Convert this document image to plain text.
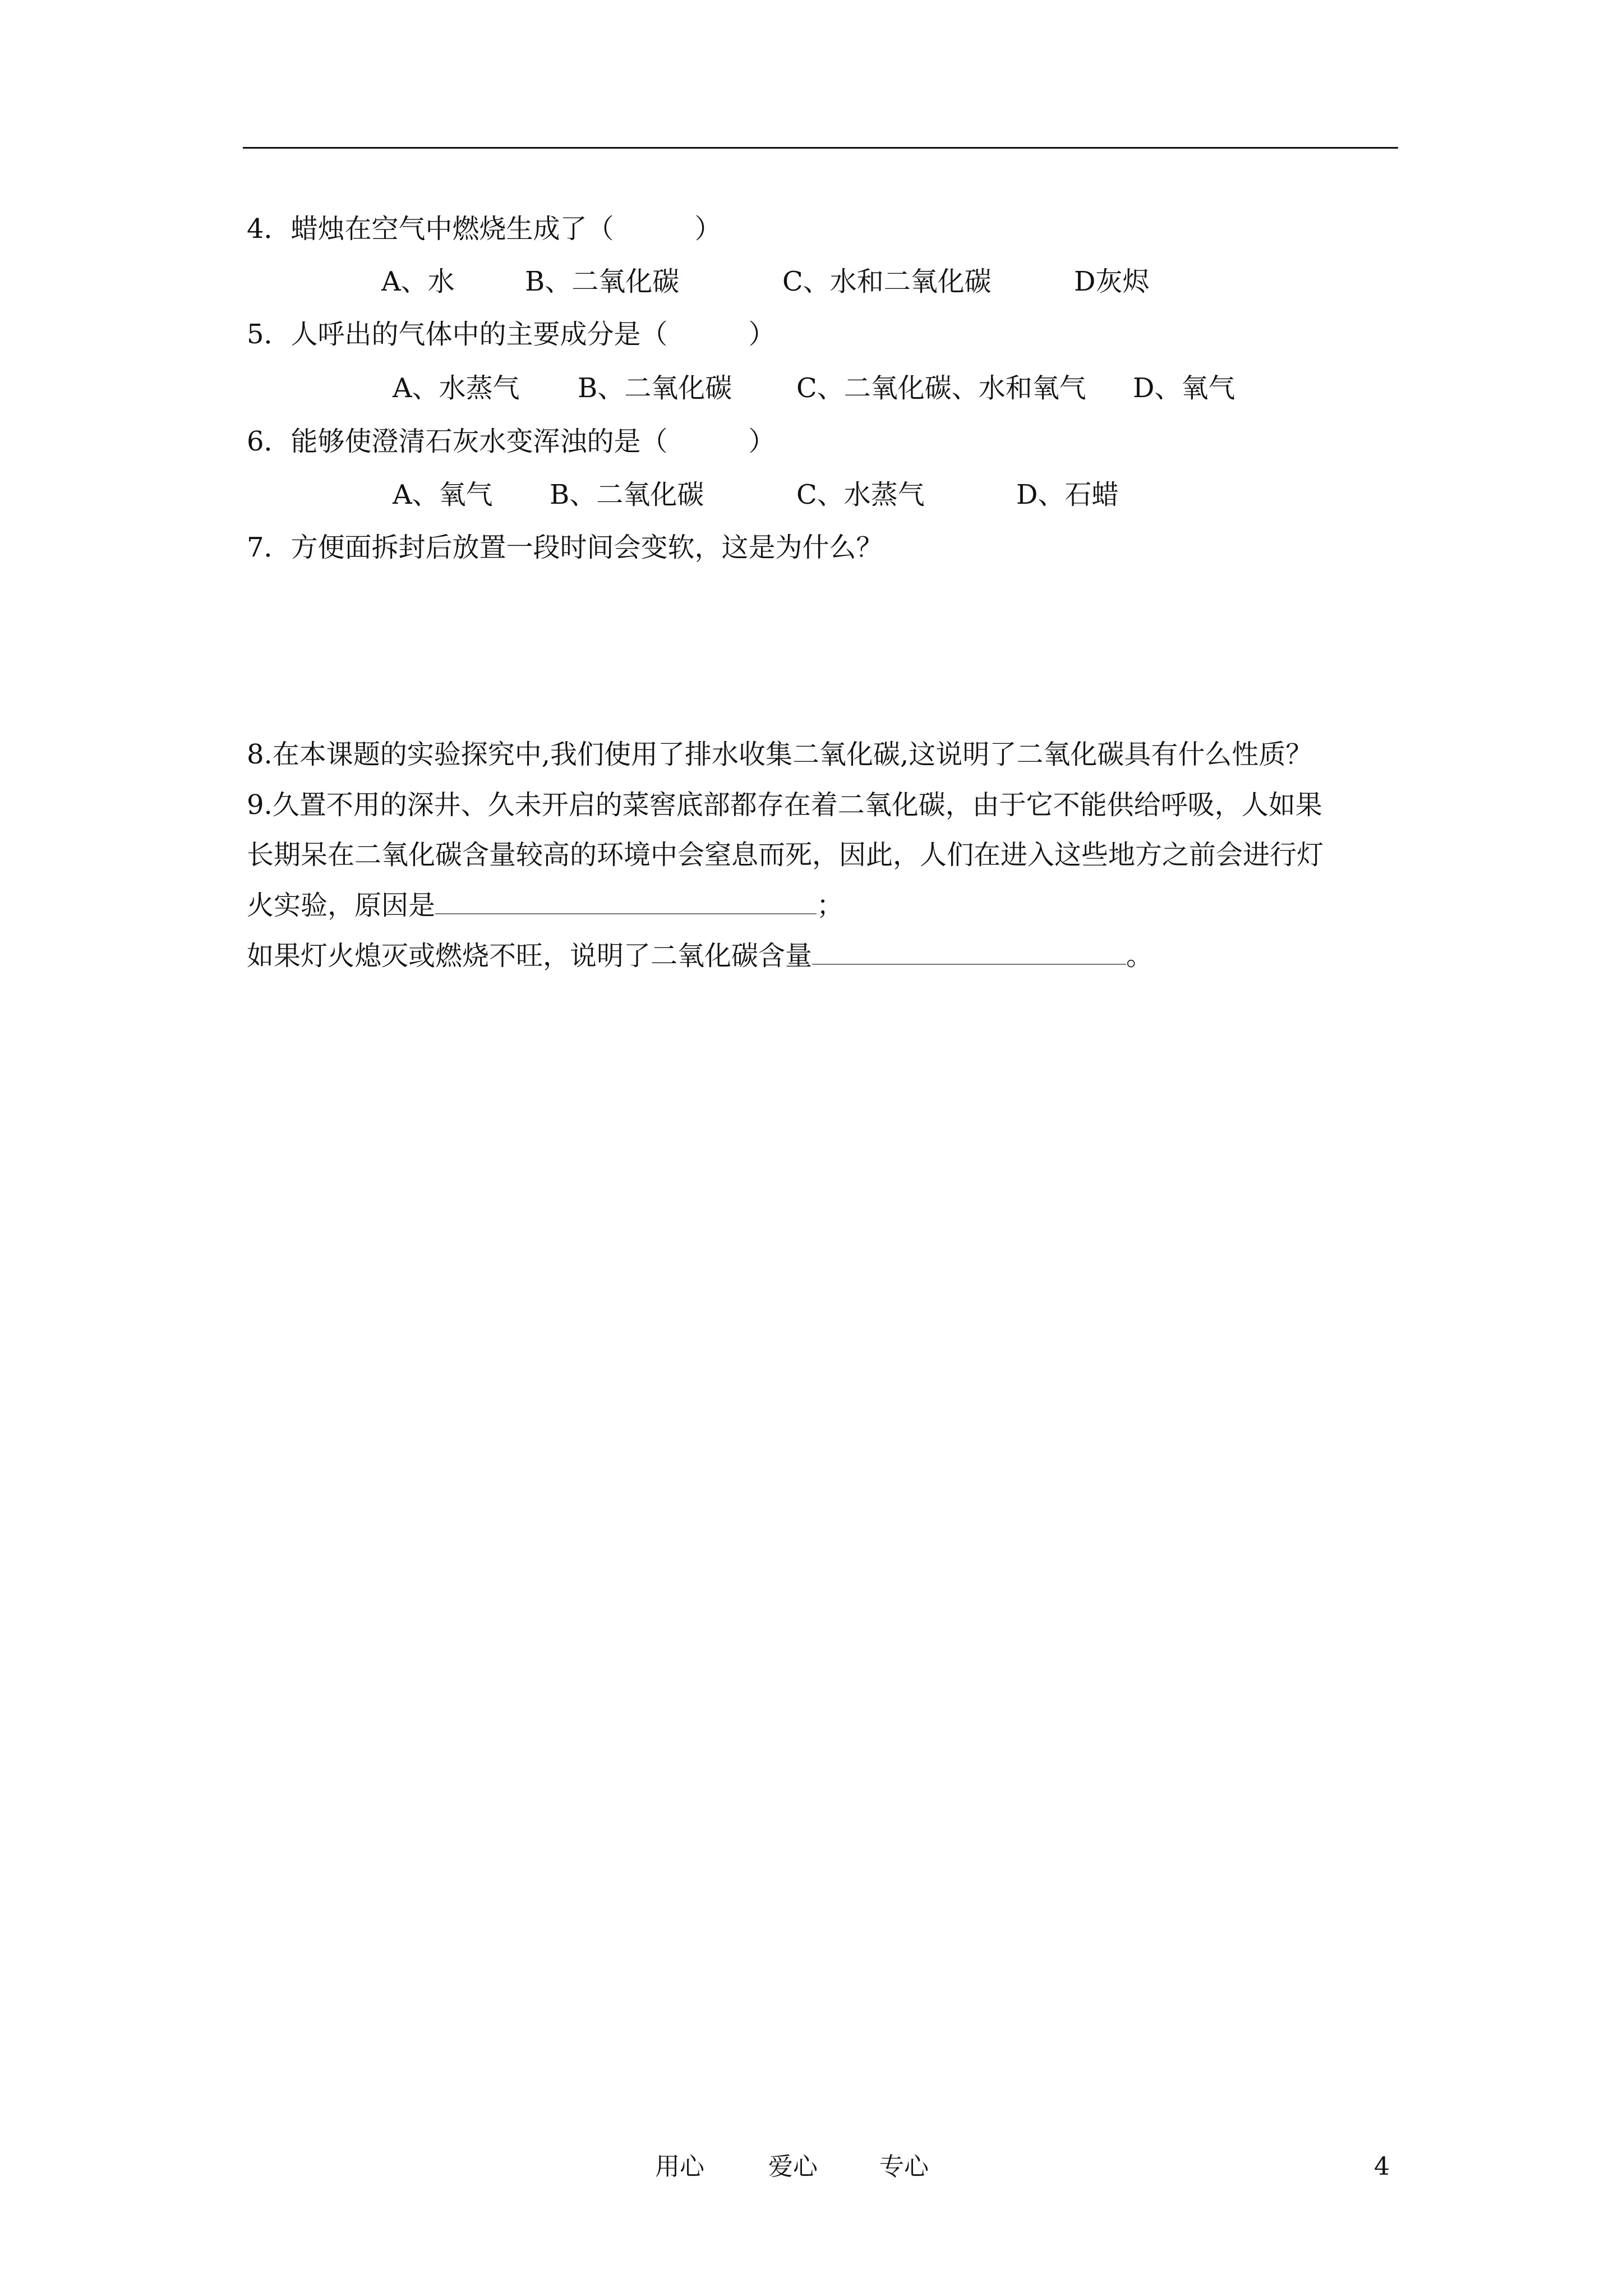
4．蜡烛在空气中燃烧生成了（　　　）
A、水	B、二氧化碳	C、水和二氧化碳	D灰烬
5．人呼出的气体中的主要成分是（　　　）
A、水蒸气 B、二氧化碳 C、二氧化碳、水和氧气 D、氧气
6．能够使澄清石灰水变浑浊的是（　　　）
A、氧气 B、二氧化碳	C、水蒸气	D、石蜡
7．方便面拆封后放置一段时间会变软，这是为什么？
8.在本课题的实验探究中,我们使用了排水收集二氧化碳,这说明了二氧化碳具有什么性质？
9.久置不用的深井、久未开启的菜窖底部都存在着二氧化碳，由于它不能供给呼吸，人如果
长期呆在二氧化碳含量较高的环境中会窒息而死，因此，人们在进入这些地方之前会进行灯
火实验，原因是	；
如果灯火熄灭或燃烧不旺，说明了二氧化碳含量	。
用心	爱心	专心	4
